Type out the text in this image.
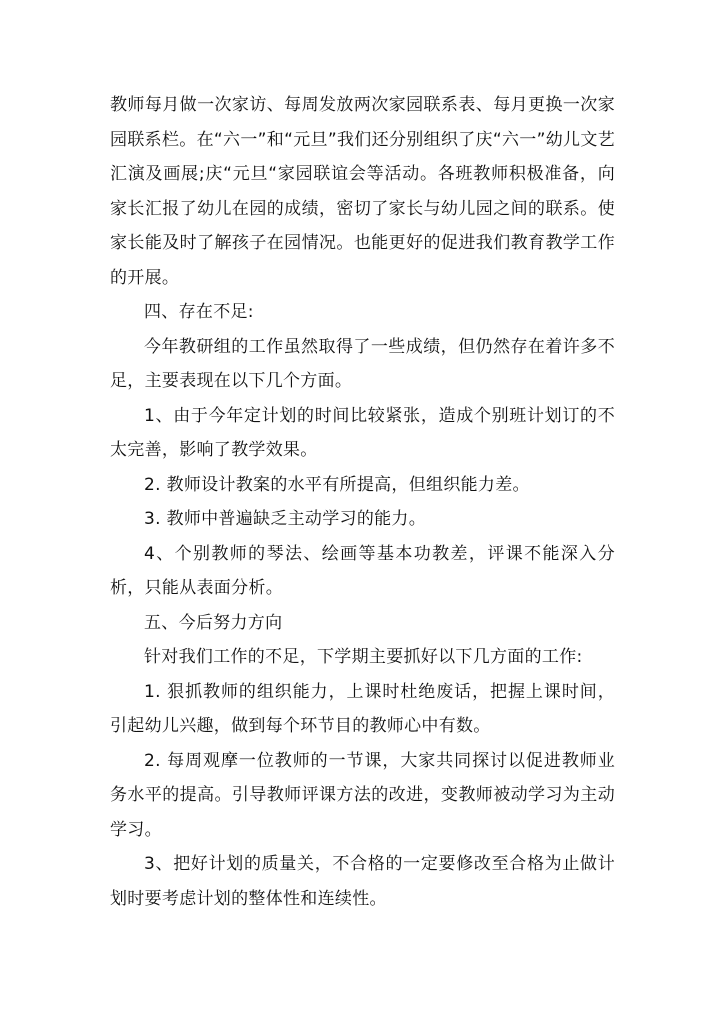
教师每月做一次家访、每周发放两次家园联系表、每月更换一次家园联系栏。在“六一”和“元旦”我们还分别组织了庆“六一”幼儿文艺汇演及画展;庆“元旦“家园联谊会等活动。各班教师积极准备，向家长汇报了幼儿在园的成绩，密切了家长与幼儿园之间的联系。使家长能及时了解孩子在园情况。也能更好的促进我们教育教学工作的开展。

四、存在不足:

今年教研组的工作虽然取得了一些成绩，但仍然存在着许多不足，主要表现在以下几个方面。

1、由于今年定计划的时间比较紧张，造成个别班计划订的不太完善，影响了教学效果。

2. 教师设计教案的水平有所提高，但组织能力差。

3. 教师中普遍缺乏主动学习的能力。

4、个别教师的琴法、绘画等基本功教差，评课不能深入分析，只能从表面分析。

五、今后努力方向

针对我们工作的不足，下学期主要抓好以下几方面的工作:

1. 狠抓教师的组织能力，上课时杜绝废话，把握上课时间，引起幼儿兴趣，做到每个环节目的教师心中有数。

2. 每周观摩一位教师的一节课，大家共同探讨以促进教师业务水平的提高。引导教师评课方法的改进，变教师被动学习为主动学习。

3、把好计划的质量关，不合格的一定要修改至合格为止做计划时要考虑计划的整体性和连续性。
